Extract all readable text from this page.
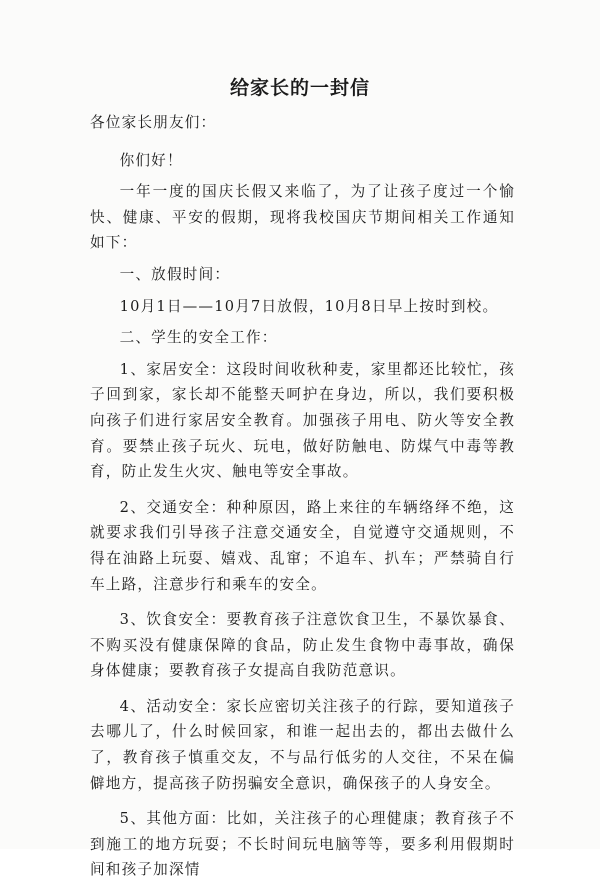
给家长的一封信

各位家长朋友们：

你们好！

一年一度的国庆长假又来临了，为了让孩子度过一个愉快、健康、平安的假期，现将我校国庆节期间相关工作通知如下：

一、放假时间：

10月1日——10月7日放假，10月8日早上按时到校。

二、学生的安全工作：

1、家居安全：这段时间收秋种麦，家里都还比较忙，孩子回到家，家长却不能整天呵护在身边，所以，我们要积极向孩子们进行家居安全教育。加强孩子用电、防火等安全教育。要禁止孩子玩火、玩电，做好防触电、防煤气中毒等教育，防止发生火灾、触电等安全事故。

2、交通安全：种种原因，路上来往的车辆络绎不绝，这就要求我们引导孩子注意交通安全，自觉遵守交通规则，不得在油路上玩耍、嬉戏、乱窜；不追车、扒车；严禁骑自行车上路，注意步行和乘车的安全。

3、饮食安全：要教育孩子注意饮食卫生，不暴饮暴食、不购买没有健康保障的食品，防止发生食物中毒事故，确保身体健康；要教育孩子女提高自我防范意识。

4、活动安全：家长应密切关注孩子的行踪，要知道孩子去哪儿了，什么时候回家，和谁一起出去的，都出去做什么了，教育孩子慎重交友，不与品行低劣的人交往，不呆在偏僻地方，提高孩子防拐骗安全意识，确保孩子的人身安全。

5、其他方面：比如，关注孩子的心理健康；教育孩子不到施工的地方玩耍；不长时间玩电脑等等，要多利用假期时间和孩子加深情
